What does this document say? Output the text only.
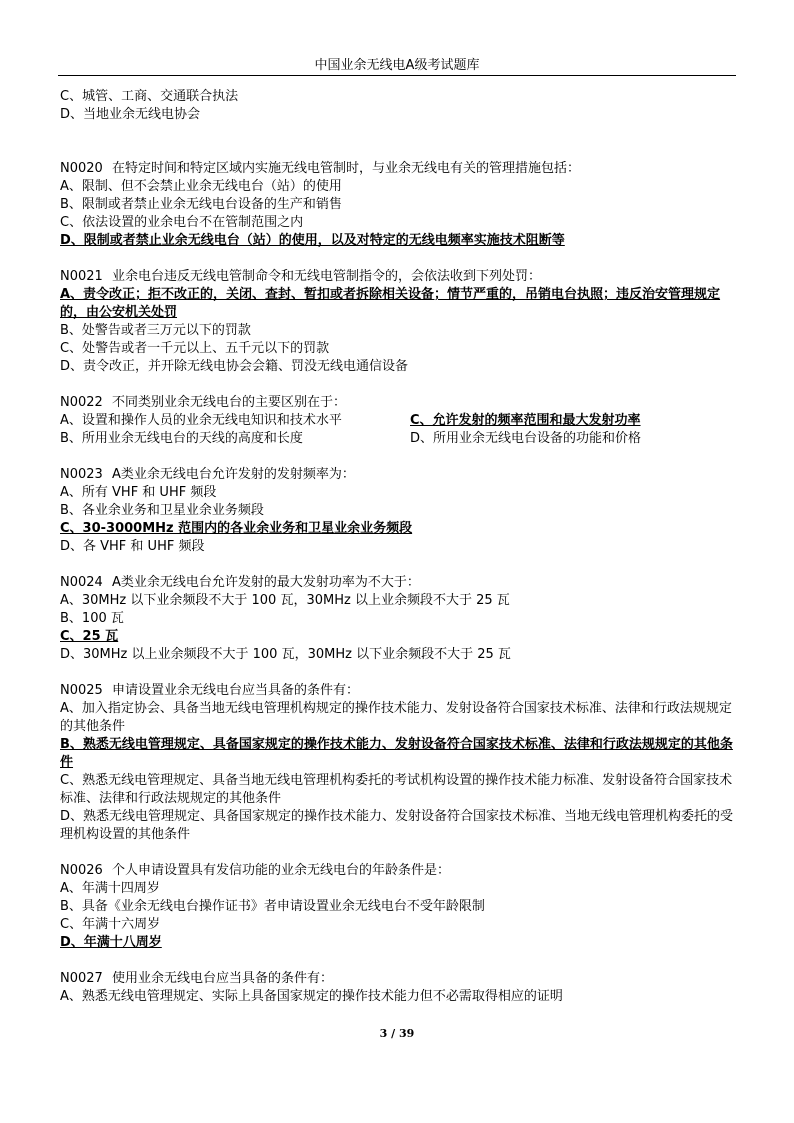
中国业余无线电A级考试题库
C、城管、工商、交通联合执法
D、当地业余无线电协会
N0020 在特定时间和特定区域内实施无线电管制时，与业余无线电有关的管理措施包括：
A、限制、但不会禁止业余无线电台（站）的使用
B、限制或者禁止业余无线电台设备的生产和销售
C、依法设置的业余电台不在管制范围之内
D、限制或者禁止业余无线电台（站）的使用，以及对特定的无线电频率实施技术阻断等
N0021 业余电台违反无线电管制命令和无线电管制指令的，会依法收到下列处罚：
A、责令改正；拒不改正的，关闭、查封、暂扣或者拆除相关设备；情节严重的，吊销电台执照；违反治安管理规定的，由公安机关处罚
B、处警告或者三万元以下的罚款
C、处警告或者一千元以上、五千元以下的罚款
D、责令改正，并开除无线电协会会籍、罚没无线电通信设备
N0022 不同类别业余无线电台的主要区别在于：
A、设置和操作人员的业余无线电知识和技术水平	C、允许发射的频率范围和最大发射功率
B、所用业余无线电台的天线的高度和长度	D、所用业余无线电台设备的功能和价格
N0023 A类业余无线电台允许发射的发射频率为：
A、所有 VHF 和 UHF 频段
B、各业余业务和卫星业余业务频段
C、30-3000MHz 范围内的各业余业务和卫星业余业务频段
D、各 VHF 和 UHF 频段
N0024 A类业余无线电台允许发射的最大发射功率为不大于：
A、30MHz 以下业余频段不大于 100 瓦，30MHz 以上业余频段不大于 25 瓦
B、100 瓦
C、25 瓦
D、30MHz 以上业余频段不大于 100 瓦，30MHz 以下业余频段不大于 25 瓦
N0025 申请设置业余无线电台应当具备的条件有：
A、加入指定协会、具备当地无线电管理机构规定的操作技术能力、发射设备符合国家技术标准、法律和行政法规规定的其他条件
B、熟悉无线电管理规定、具备国家规定的操作技术能力、发射设备符合国家技术标准、法律和行政法规规定的其他条件
C、熟悉无线电管理规定、具备当地无线电管理机构委托的考试机构设置的操作技术能力标准、发射设备符合国家技术标准、法律和行政法规规定的其他条件
D、熟悉无线电管理规定、具备国家规定的操作技术能力、发射设备符合国家技术标准、当地无线电管理机构委托的受理机构设置的其他条件
N0026 个人申请设置具有发信功能的业余无线电台的年龄条件是：
A、年满十四周岁
B、具备《业余无线电台操作证书》者申请设置业余无线电台不受年龄限制
C、年满十六周岁
D、年满十八周岁
N0027 使用业余无线电台应当具备的条件有：
A、熟悉无线电管理规定、实际上具备国家规定的操作技术能力但不必需取得相应的证明
3 / 39
